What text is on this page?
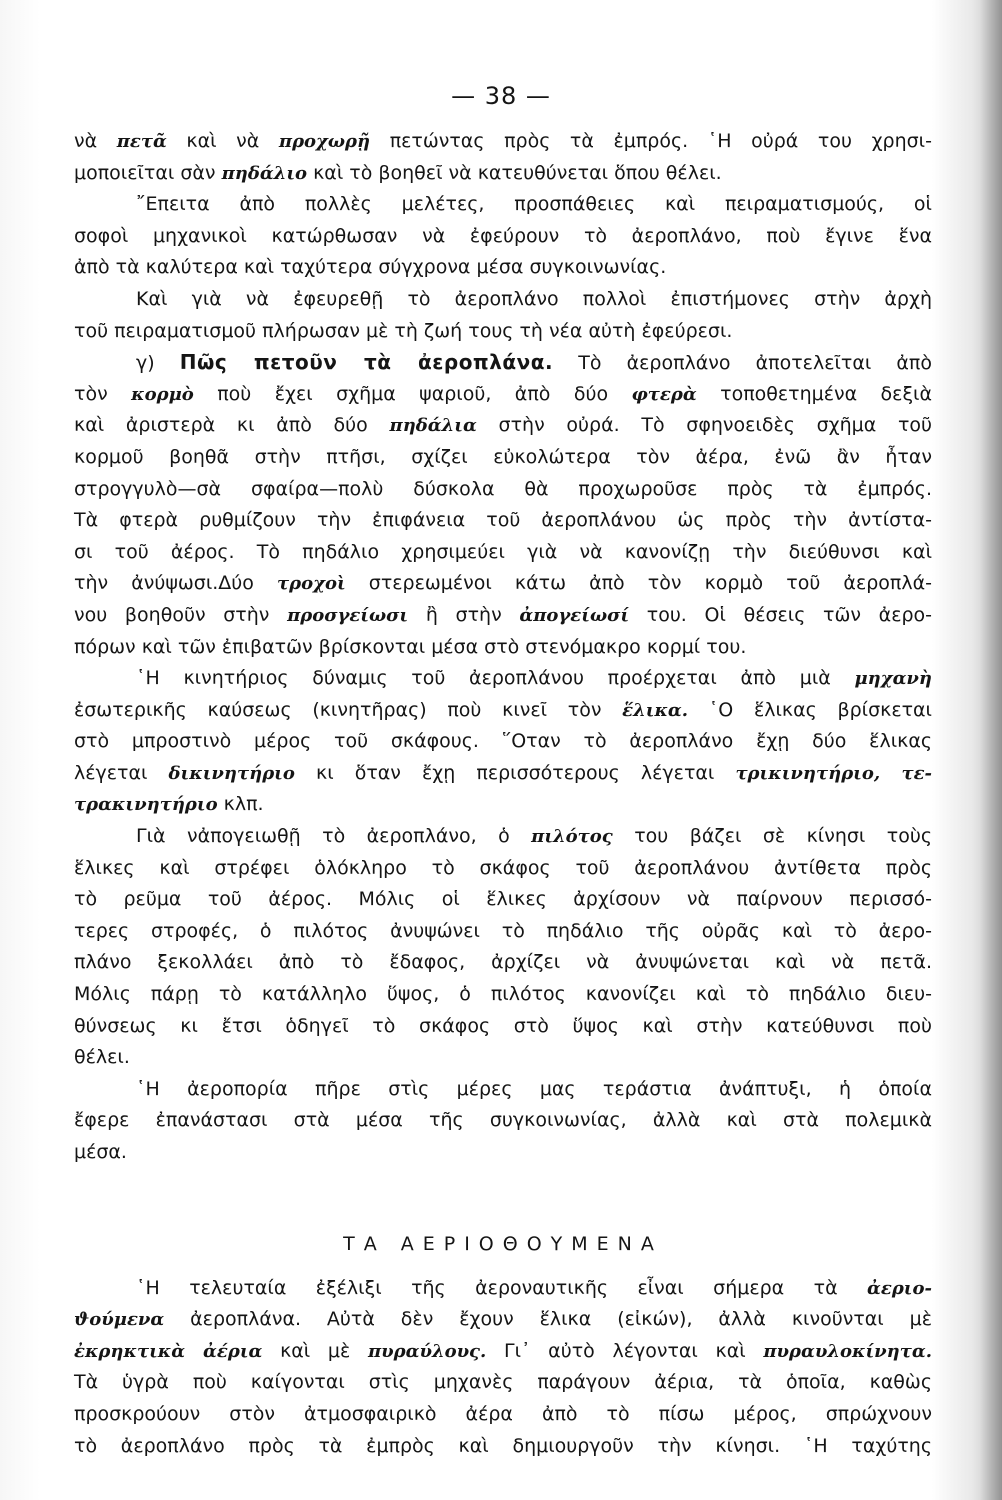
— 38 —
νὰ πετᾶ καὶ νὰ προχωρῇ πετώντας πρὸς τὰ ἐμπρός. ῾Η οὐρά του χρησι-
μοποιεῖται σὰν πηδάλιο καὶ τὸ βοηθεῖ νὰ κατευθύνεται ὅπου θέλει.
῎Επειτα ἀπὸ πολλὲς μελέτες, προσπάθειες καὶ πειραματισμούς, οἱ
σοφοὶ μηχανικοὶ κατώρθωσαν νὰ ἐφεύρουν τὸ ἀεροπλάνο, ποὺ ἔγινε ἕνα
ἀπὸ τὰ καλύτερα καὶ ταχύτερα σύγχρονα μέσα συγκοινωνίας.
Καὶ γιὰ νὰ ἐφευρεθῇ τὸ ἀεροπλάνο πολλοὶ ἐπιστήμονες στὴν ἀρχὴ
τοῦ πειραματισμοῦ πλήρωσαν μὲ τὴ ζωή τους τὴ νέα αὐτὴ ἐφεύρεσι.
γ) Πῶς πετοῦν τὰ ἀεροπλάνα. Τὸ ἀεροπλάνο ἀποτελεῖται ἀπὸ
τὸν κορμὸ ποὺ ἔχει σχῆμα ψαριοῦ, ἀπὸ δύο φτερὰ τοποθετημένα δεξιὰ
καὶ ἀριστερὰ κι ἀπὸ δύο πηδάλια στὴν οὐρά. Τὸ σφηνοειδὲς σχῆμα τοῦ
κορμοῦ βοηθᾶ στὴν πτῆσι, σχίζει εὐκολώτερα τὸν ἀέρα, ἐνῶ ἂν ἦταν
στρογγυλὸ—σὰ σφαίρα—πολὺ δύσκολα θὰ προχωροῦσε πρὸς τὰ ἐμπρός.
Τὰ φτερὰ ρυθμίζουν τὴν ἐπιφάνεια τοῦ ἀεροπλάνου ὡς πρὸς τὴν ἀντίστα-
σι τοῦ ἀέρος. Τὸ πηδάλιο χρησιμεύει γιὰ νὰ κανονίζῃ τὴν διεύθυνσι καὶ
τὴν ἀνύψωσι.Δύο τροχοὶ στερεωμένοι κάτω ἀπὸ τὸν κορμὸ τοῦ ἀεροπλά-
νου βοηθοῦν στὴν προσγείωσι ἢ στὴν ἀπογείωσί του. Οἱ θέσεις τῶν ἀερο-
πόρων καὶ τῶν ἐπιβατῶν βρίσκονται μέσα στὸ στενόμακρο κορμί του.
῾Η κινητήριος δύναμις τοῦ ἀεροπλάνου προέρχεται ἀπὸ μιὰ μηχανὴ
ἐσωτερικῆς καύσεως (κινητῆρας) ποὺ κινεῖ τὸν ἕλικα. ῾Ο ἕλικας βρίσκεται
στὸ μπροστινὸ μέρος τοῦ σκάφους. ῞Οταν τὸ ἀεροπλάνο ἔχῃ δύο ἕλικας
λέγεται δικινητήριο κι ὅταν ἔχῃ περισσότερους λέγεται τρικινητήριο, τε-
τρακινητήριο κλπ.
Γιὰ νἀπογειωθῇ τὸ ἀεροπλάνο, ὁ πιλότος του βάζει σὲ κίνησι τοὺς
ἕλικες καὶ στρέφει ὁλόκληρο τὸ σκάφος τοῦ ἀεροπλάνου ἀντίθετα πρὸς
τὸ ρεῦμα τοῦ ἀέρος. Μόλις οἱ ἕλικες ἀρχίσουν νὰ παίρνουν περισσό-
τερες στροφές, ὁ πιλότος ἀνυψώνει τὸ πηδάλιο τῆς οὐρᾶς καὶ τὸ ἀερο-
πλάνο ξεκολλάει ἀπὸ τὸ ἔδαφος, ἀρχίζει νὰ ἀνυψώνεται καὶ νὰ πετᾶ.
Μόλις πάρῃ τὸ κατάλληλο ὕψος, ὁ πιλότος κανονίζει καὶ τὸ πηδάλιο διευ-
θύνσεως κι ἔτσι ὁδηγεῖ τὸ σκάφος στὸ ὕψος καὶ στὴν κατεύθυνσι ποὺ
θέλει.
῾Η ἀεροπορία πῆρε στὶς μέρες μας τεράστια ἀνάπτυξι, ἡ ὁποία
ἔφερε ἐπανάστασι στὰ μέσα τῆς συγκοινωνίας, ἀλλὰ καὶ στὰ πολεμικὰ
μέσα.
ΤΑ ΑΕΡΙΟΘΟΥΜΕΝΑ
῾Η τελευταία ἐξέλιξι τῆς ἀεροναυτικῆς εἶναι σήμερα τὰ ἀεριο-
ϑούμενα ἀεροπλάνα. Αὐτὰ δὲν ἔχουν ἕλικα (εἰκών), ἀλλὰ κινοῦνται μὲ
ἐκρηκτικὰ ἀέρια καὶ μὲ πυραύλους. Γι᾽ αὐτὸ λέγονται καὶ πυραυλοκίνητα.
Τὰ ὑγρὰ ποὺ καίγονται στὶς μηχανὲς παράγουν ἀέρια, τὰ ὁποῖα, καθὼς
προσκρούουν στὸν ἀτμοσφαιρικὸ ἀέρα ἀπὸ τὸ πίσω μέρος, σπρώχνουν
τὸ ἀεροπλάνο πρὸς τὰ ἐμπρὸς καὶ δημιουργοῦν τὴν κίνησι. ῾Η ταχύτης
